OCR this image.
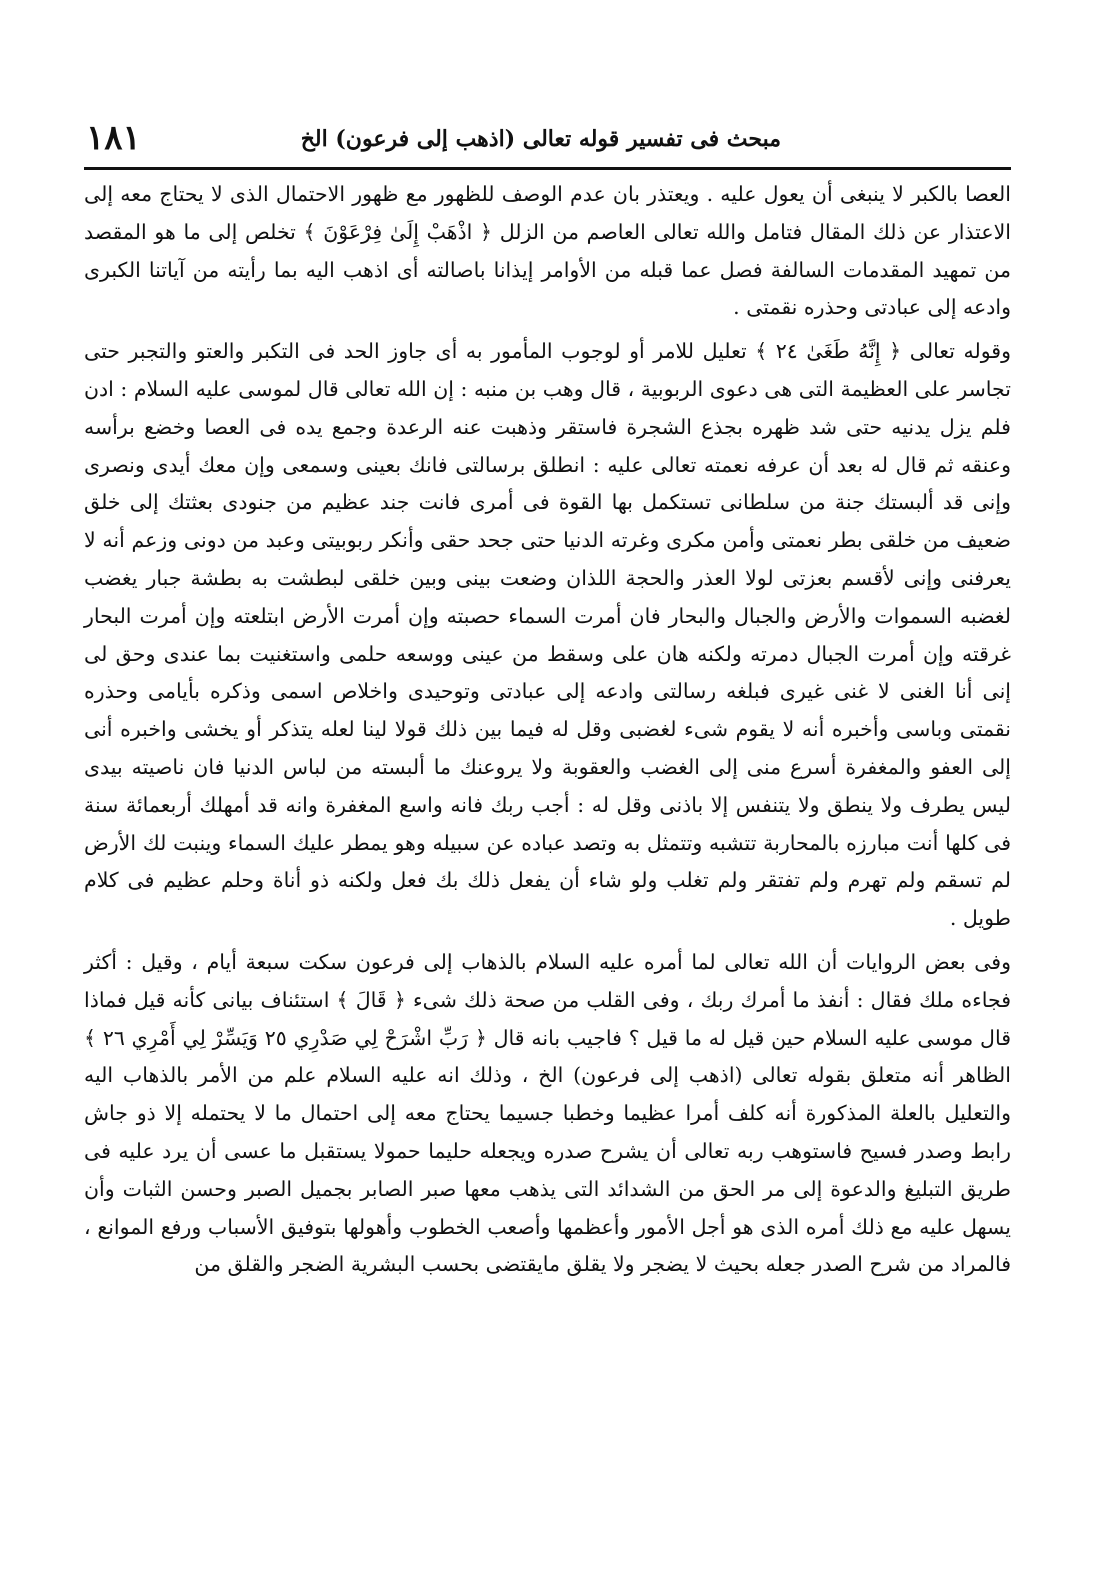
مبحث فى تفسير قوله تعالى (اذهب إلى فرعون) الخ
١٨١

العصا بالكبر لا ينبغى أن يعول عليه . ويعتذر بان عدم الوصف للظهور مع ظهور الاحتمال الذى لا يحتاج معه إلى الاعتذار عن ذلك المقال فتامل والله تعالى العاصم من الزلل ﴿ اذْهَبْ إِلَىٰ فِرْعَوْنَ ﴾ تخلص إلى ما هو المقصد من تمهيد المقدمات السالفة فصل عما قبله من الأوامر إيذانا باصالته أى اذهب اليه بما رأيته من آياتنا الكبرى وادعه إلى عبادتى وحذره نقمتى .

وقوله تعالى ﴿ إِنَّهُ طَغَىٰ ٢٤ ﴾ تعليل للامر أو لوجوب المأمور به أى جاوز الحد فى التكبر والعتو والتجبر حتى تجاسر على العظيمة التى هى دعوى الربوبية ، قال وهب بن منبه : إن الله تعالى قال لموسى عليه السلام : ادن فلم يزل يدنيه حتى شد ظهره بجذع الشجرة فاستقر وذهبت عنه الرعدة وجمع يده فى العصا وخضع برأسه وعنقه ثم قال له بعد أن عرفه نعمته تعالى عليه : انطلق برسالتى فانك بعينى وسمعى وإن معك أيدى ونصرى وإنى قد ألبستك جنة من سلطانى تستكمل بها القوة فى أمرى فانت جند عظيم من جنودى بعثتك إلى خلق ضعيف من خلقى بطر نعمتى وأمن مكرى وغرته الدنيا حتى جحد حقى وأنكر ربوبيتى وعبد من دونى وزعم أنه لا يعرفنى وإنى لأقسم بعزتى لولا العذر والحجة اللذان وضعت بينى وبين خلقى لبطشت به بطشة جبار يغضب لغضبه السموات والأرض والجبال والبحار فان أمرت السماء حصبته وإن أمرت الأرض ابتلعته وإن أمرت البحار غرقته وإن أمرت الجبال دمرته ولكنه هان على وسقط من عينى ووسعه حلمى واستغنيت بما عندى وحق لى إنى أنا الغنى لا غنى غيرى فبلغه رسالتى وادعه إلى عبادتى وتوحيدى واخلاص اسمى وذكره بأيامى وحذره نقمتى وباسى وأخبره أنه لا يقوم شىء لغضبى وقل له فيما بين ذلك قولا لينا لعله يتذكر أو يخشى واخبره أنى إلى العفو والمغفرة أسرع منى إلى الغضب والعقوبة ولا يروعنك ما ألبسته من لباس الدنيا فان ناصيته بيدى ليس يطرف ولا ينطق ولا يتنفس إلا باذنى وقل له : أجب ربك فانه واسع المغفرة وانه قد أمهلك أربعمائة سنة فى كلها أنت مبارزه بالمحاربة تتشبه وتتمثل به وتصد عباده عن سبيله وهو يمطر عليك السماء وينبت لك الأرض لم تسقم ولم تهرم ولم تفتقر ولم تغلب ولو شاء أن يفعل ذلك بك فعل ولكنه ذو أناة وحلم عظيم فى كلام طويل .

وفى بعض الروايات أن الله تعالى لما أمره عليه السلام بالذهاب إلى فرعون سكت سبعة أيام ، وقيل : أكثر فجاءه ملك فقال : أنفذ ما أمرك ربك ، وفى القلب من صحة ذلك شىء ﴿ قَالَ ﴾ استئناف بيانى كأنه قيل فماذا قال موسى عليه السلام حين قيل له ما قيل ؟ فاجيب بانه قال ﴿ رَبِّ اشْرَحْ لِي صَدْرِي ٢٥ وَيَسِّرْ لِي أَمْرِي ٢٦ ﴾ الظاهر أنه متعلق بقوله تعالى (اذهب إلى فرعون) الخ ، وذلك انه عليه السلام علم من الأمر بالذهاب اليه والتعليل بالعلة المذكورة أنه كلف أمرا عظيما وخطبا جسيما يحتاج معه إلى احتمال ما لا يحتمله إلا ذو جاش رابط وصدر فسيح فاستوهب ربه تعالى أن يشرح صدره ويجعله حليما حمولا يستقبل ما عسى أن يرد عليه فى طريق التبليغ والدعوة إلى مر الحق من الشدائد التى يذهب معها صبر الصابر بجميل الصبر وحسن الثبات وأن يسهل عليه مع ذلك أمره الذى هو أجل الأمور وأعظمها وأصعب الخطوب وأهولها بتوفيق الأسباب ورفع الموانع ، فالمراد من شرح الصدر جعله بحيث لا يضجر ولا يقلق مايقتضى بحسب البشرية الضجر والقلق من
